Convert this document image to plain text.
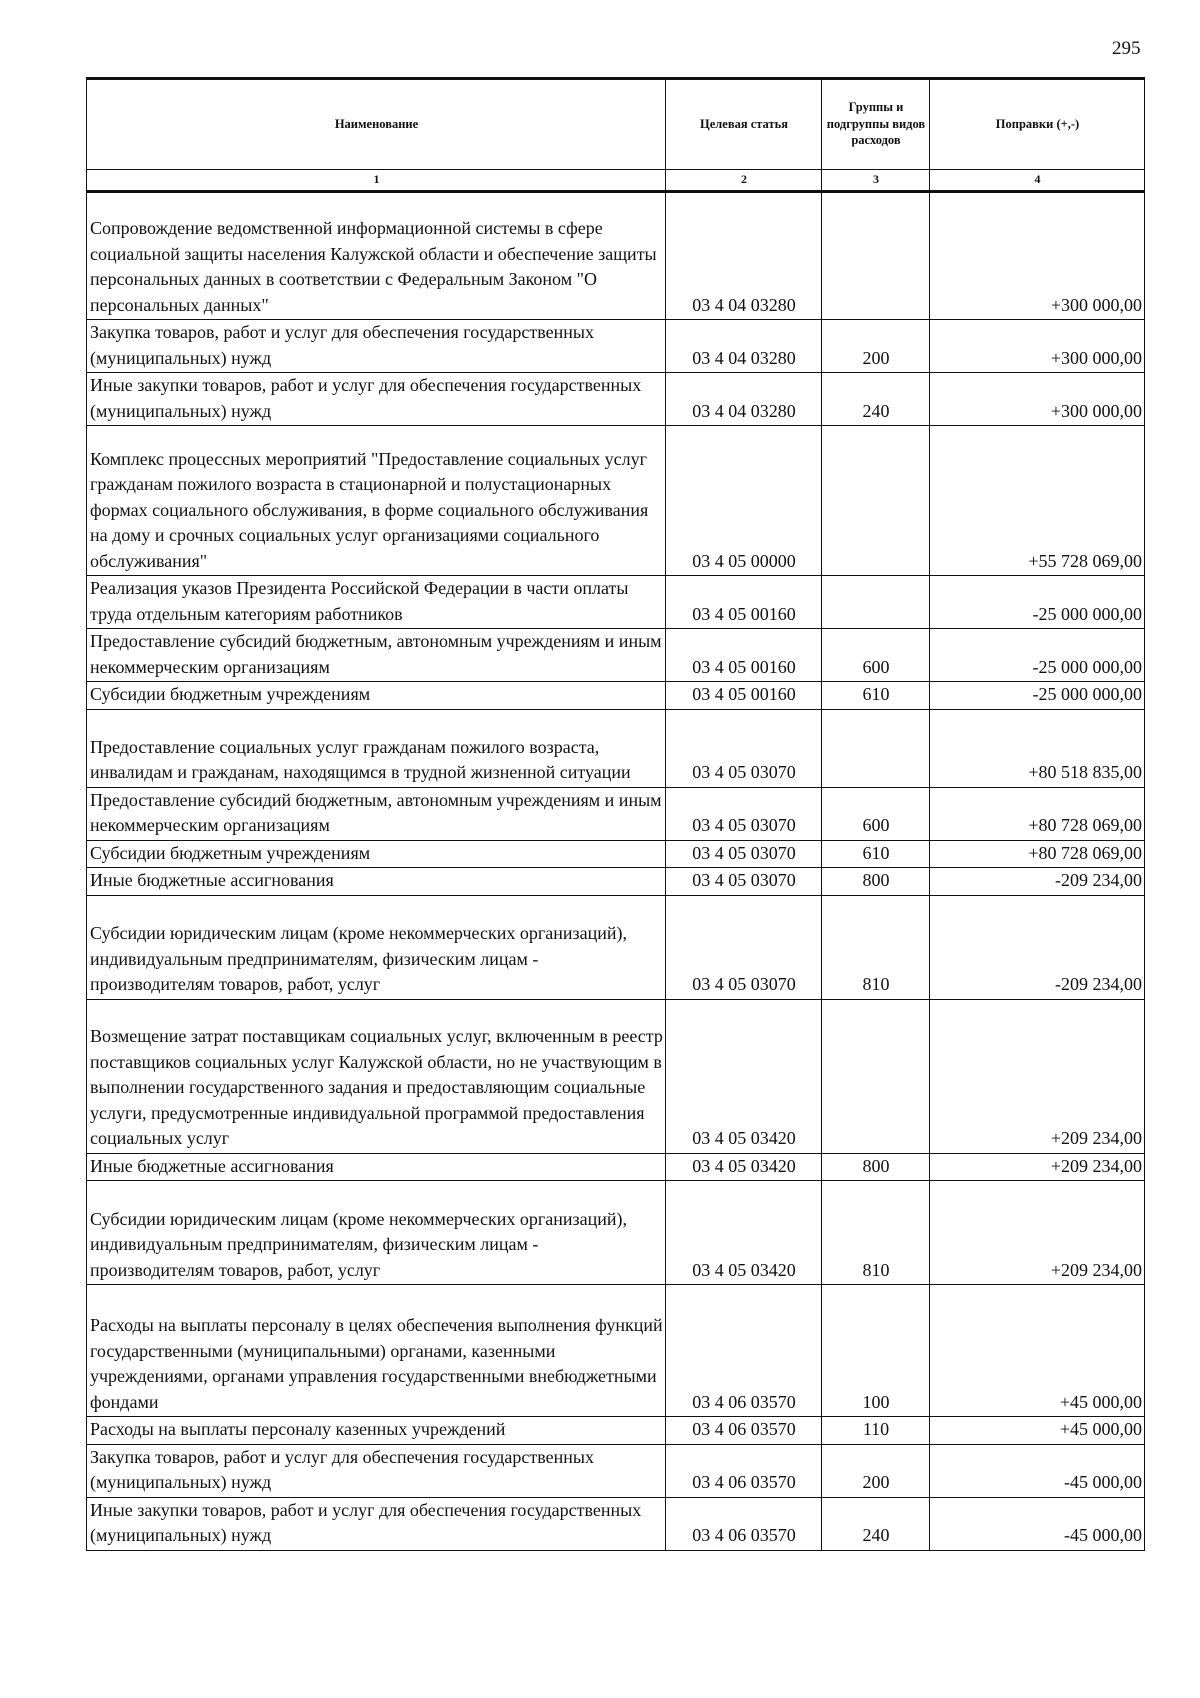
295
Наименование	Целевая статья	Группы и подгруппы видов расходов	Поправки (+,-)
1	2	3	4
Сопровождение ведомственной информационной системы в сфере социальной защиты населения Калужской области и обеспечение защиты персональных данных в соответствии с Федеральным Законом "О персональных данных"	03 4 04 03280		+300 000,00
Закупка товаров, работ и услуг для обеспечения государственных (муниципальных) нужд	03 4 04 03280	200	+300 000,00
Иные закупки товаров, работ и услуг для обеспечения государственных (муниципальных) нужд	03 4 04 03280	240	+300 000,00
Комплекс процессных мероприятий "Предоставление социальных услуг гражданам пожилого возраста в стационарной и полустационарных формах социального обслуживания, в форме социального обслуживания на дому и срочных социальных услуг организациями социального обслуживания"	03 4 05 00000		+55 728 069,00
Реализация указов Президента Российской Федерации в части оплаты труда отдельным категориям работников	03 4 05 00160		-25 000 000,00
Предоставление субсидий бюджетным, автономным учреждениям и иным некоммерческим организациям	03 4 05 00160	600	-25 000 000,00
Субсидии бюджетным учреждениям	03 4 05 00160	610	-25 000 000,00
Предоставление социальных услуг гражданам пожилого возраста, инвалидам и гражданам, находящимся в трудной жизненной ситуации	03 4 05 03070		+80 518 835,00
Предоставление субсидий бюджетным, автономным учреждениям и иным некоммерческим организациям	03 4 05 03070	600	+80 728 069,00
Субсидии бюджетным учреждениям	03 4 05 03070	610	+80 728 069,00
Иные бюджетные ассигнования	03 4 05 03070	800	-209 234,00
Субсидии юридическим лицам (кроме некоммерческих организаций), индивидуальным предпринимателям, физическим лицам - производителям товаров, работ, услуг	03 4 05 03070	810	-209 234,00
Возмещение затрат поставщикам социальных услуг, включенным в реестр поставщиков социальных услуг Калужской области, но не участвующим в выполнении государственного задания и предоставляющим социальные услуги, предусмотренные индивидуальной программой предоставления социальных услуг	03 4 05 03420		+209 234,00
Иные бюджетные ассигнования	03 4 05 03420	800	+209 234,00
Субсидии юридическим лицам (кроме некоммерческих организаций), индивидуальным предпринимателям, физическим лицам - производителям товаров, работ, услуг	03 4 05 03420	810	+209 234,00
Расходы на выплаты персоналу в целях обеспечения выполнения функций государственными (муниципальными) органами, казенными учреждениями, органами управления государственными внебюджетными фондами	03 4 06 03570	100	+45 000,00
Расходы на выплаты персоналу казенных учреждений	03 4 06 03570	110	+45 000,00
Закупка товаров, работ и услуг для обеспечения государственных (муниципальных) нужд	03 4 06 03570	200	-45 000,00
Иные закупки товаров, работ и услуг для обеспечения государственных (муниципальных) нужд	03 4 06 03570	240	-45 000,00
